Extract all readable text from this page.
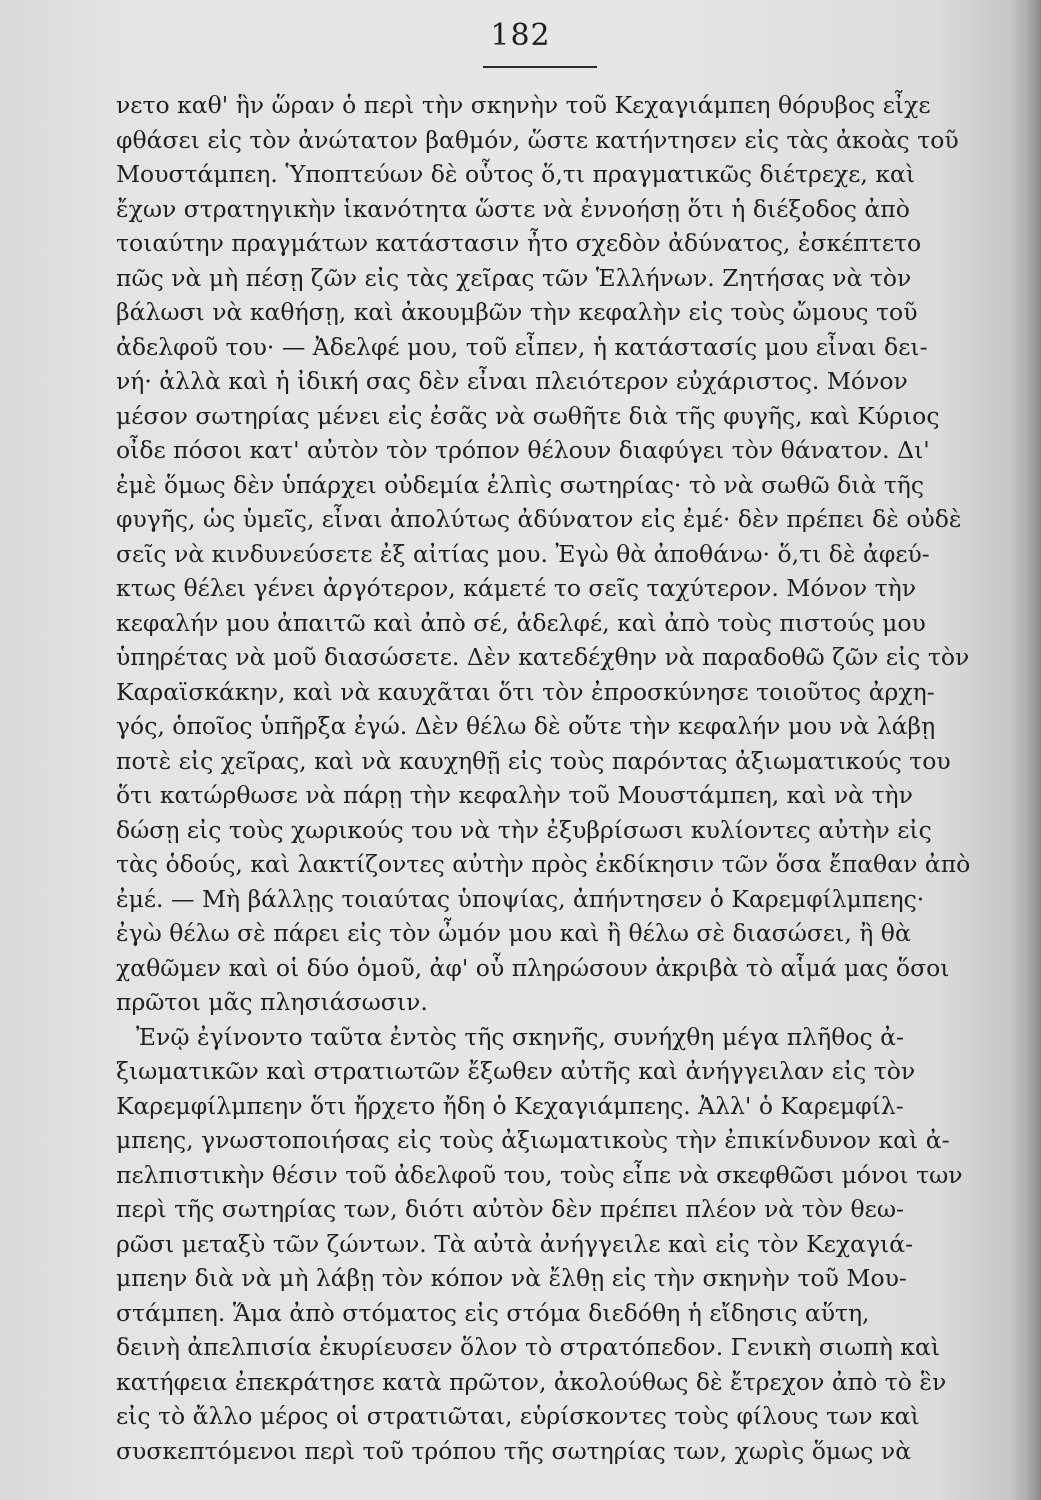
182
νετο καθ' ἣν ὥραν ὁ περὶ τὴν σκηνὴν τοῦ Κεχαγιάμπεη θόρυβος εἶχε
φθάσει εἰς τὸν ἀνώτατον βαθμόν, ὥστε κατήντησεν εἰς τὰς ἀκοὰς τοῦ
Μουστάμπεη. Ὑποπτεύων δὲ οὗτος ὅ,τι πραγματικῶς διέτρεχε, καὶ
ἔχων στρατηγικὴν ἱκανότητα ὥστε νὰ ἐννοήσῃ ὅτι ἡ διέξοδος ἀπὸ
τοιαύτην πραγμάτων κατάστασιν ἦτο σχεδὸν ἀδύνατος, ἐσκέπτετο
πῶς νὰ μὴ πέσῃ ζῶν εἰς τὰς χεῖρας τῶν Ἑλλήνων. Ζητήσας νὰ τὸν
βάλωσι νὰ καθήσῃ, καὶ ἀκουμβῶν τὴν κεφαλὴν εἰς τοὺς ὤμους τοῦ
ἀδελφοῦ του· — Ἀδελφέ μου, τοῦ εἶπεν, ἡ κατάστασίς μου εἶναι δει-
νή· ἀλλὰ καὶ ἡ ἰδική σας δὲν εἶναι πλειότερον εὐχάριστος. Μόνον
μέσον σωτηρίας μένει εἰς ἐσᾶς νὰ σωθῆτε διὰ τῆς φυγῆς, καὶ Κύριος
οἶδε πόσοι κατ' αὐτὸν τὸν τρόπον θέλουν διαφύγει τὸν θάνατον. Δι'
ἐμὲ ὅμως δὲν ὑπάρχει οὐδεμία ἐλπὶς σωτηρίας· τὸ νὰ σωθῶ διὰ τῆς
φυγῆς, ὡς ὑμεῖς, εἶναι ἀπολύτως ἀδύνατον εἰς ἐμέ· δὲν πρέπει δὲ οὐδὲ
σεῖς νὰ κινδυνεύσετε ἐξ αἰτίας μου. Ἐγὼ θὰ ἀποθάνω· ὅ,τι δὲ ἀφεύ-
κτως θέλει γένει ἀργότερον, κάμετέ το σεῖς ταχύτερον. Μόνον τὴν
κεφαλήν μου ἀπαιτῶ καὶ ἀπὸ σέ, ἀδελφέ, καὶ ἀπὸ τοὺς πιστούς μου
ὑπηρέτας νὰ μοῦ διασώσετε. Δὲν κατεδέχθην νὰ παραδοθῶ ζῶν εἰς τὸν
Καραϊσκάκην, καὶ νὰ καυχᾶται ὅτι τὸν ἐπροσκύνησε τοιοῦτος ἀρχη-
γός, ὁποῖος ὑπῆρξα ἐγώ. Δὲν θέλω δὲ οὔτε τὴν κεφαλήν μου νὰ λάβῃ
ποτὲ εἰς χεῖρας, καὶ νὰ καυχηθῇ εἰς τοὺς παρόντας ἀξιωματικούς του
ὅτι κατώρθωσε νὰ πάρῃ τὴν κεφαλὴν τοῦ Μουστάμπεη, καὶ νὰ τὴν
δώσῃ εἰς τοὺς χωρικούς του νὰ τὴν ἐξυβρίσωσι κυλίοντες αὐτὴν εἰς
τὰς ὁδούς, καὶ λακτίζοντες αὐτὴν πρὸς ἐκδίκησιν τῶν ὅσα ἔπαθαν ἀπὸ
ἐμέ. — Μὴ βάλλῃς τοιαύτας ὑποψίας, ἀπήντησεν ὁ Καρεμφίλμπεης·
ἐγὼ θέλω σὲ πάρει εἰς τὸν ὦμόν μου καὶ ἢ θέλω σὲ διασώσει, ἢ θὰ
χαθῶμεν καὶ οἱ δύο ὁμοῦ, ἀφ' οὗ πληρώσουν ἀκριβὰ τὸ αἷμά μας ὅσοι
πρῶτοι μᾶς πλησιάσωσιν.
Ἐνῷ ἐγίνοντο ταῦτα ἐντὸς τῆς σκηνῆς, συνήχθη μέγα πλῆθος ἀ-
ξιωματικῶν καὶ στρατιωτῶν ἔξωθεν αὐτῆς καὶ ἀνήγγειλαν εἰς τὸν
Καρεμφίλμπεην ὅτι ἤρχετο ἤδη ὁ Κεχαγιάμπεης. Ἀλλ' ὁ Καρεμφίλ-
μπεης, γνωστοποιήσας εἰς τοὺς ἀξιωματικοὺς τὴν ἐπικίνδυνον καὶ ἀ-
πελπιστικὴν θέσιν τοῦ ἀδελφοῦ του, τοὺς εἶπε νὰ σκεφθῶσι μόνοι των
περὶ τῆς σωτηρίας των, διότι αὐτὸν δὲν πρέπει πλέον νὰ τὸν θεω-
ρῶσι μεταξὺ τῶν ζώντων. Τὰ αὐτὰ ἀνήγγειλε καὶ εἰς τὸν Κεχαγιά-
μπεην διὰ νὰ μὴ λάβῃ τὸν κόπον νὰ ἔλθῃ εἰς τὴν σκηνὴν τοῦ Μου-
στάμπεη. Ἅμα ἀπὸ στόματος εἰς στόμα διεδόθη ἡ εἴδησις αὕτη,
δεινὴ ἀπελπισία ἐκυρίευσεν ὅλον τὸ στρατόπεδον. Γενικὴ σιωπὴ καὶ
κατήφεια ἐπεκράτησε κατὰ πρῶτον, ἀκολούθως δὲ ἔτρεχον ἀπὸ τὸ ἓν
εἰς τὸ ἄλλο μέρος οἱ στρατιῶται, εὑρίσκοντες τοὺς φίλους των καὶ
συσκεπτόμενοι περὶ τοῦ τρόπου τῆς σωτηρίας των, χωρὶς ὅμως νὰ
